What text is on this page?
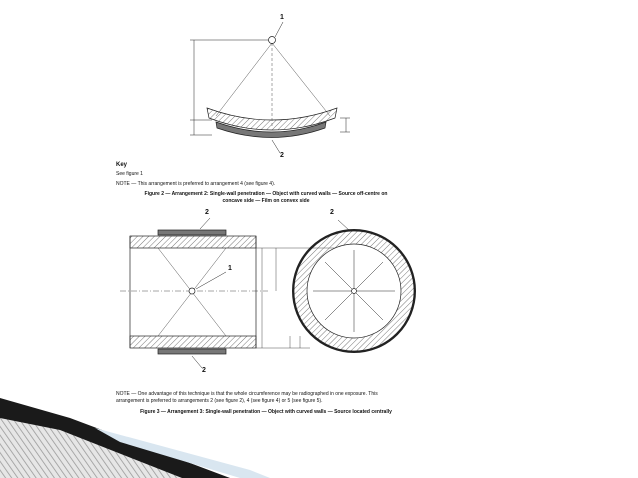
1
2
Key
See figure 1
NOTE — This arrangement is preferred to arrangement 4 (see figure 4).
Figure 2 — Arrangement 2: Single-wall penetration — Object with curved walls — Source off-centre on
concave side — Film on convex side
2	2
1
2
NOTE — One advantage of this technique is that the whole circumference may be radiographed in one exposure. This
arrangement is preferred to arrangements 2 (see figure 2), 4 (see figure 4) or 5 (see figure 5).
Figure 3 — Arrangement 3: Single-wall penetration — Object with curved walls — Source located centrally
